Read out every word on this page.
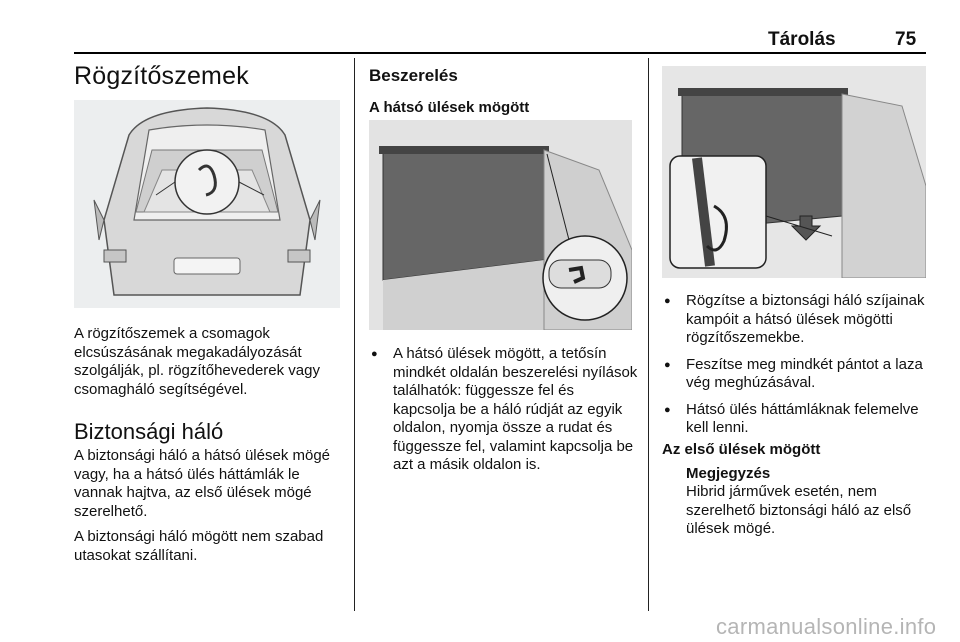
Tárolás	75
Rögzítőszemek
A rögzítőszemek a csomagok elcsúszásának megakadályozását szolgálják, pl. rögzítőhevederek vagy csomagháló segítségével.
Biztonsági háló
A biztonsági háló a hátsó ülések mögé vagy, ha a hátsó ülés háttámlák le vannak hajtva, az első ülések mögé szerelhető.
A biztonsági háló mögött nem szabad utasokat szállítani.
Beszerelés
A hátsó ülések mögött
● A hátsó ülések mögött, a tetősín mindkét oldalán beszerelési nyílások találhatók: függessze fel és kapcsolja be a háló rúdját az egyik oldalon, nyomja össze a rudat és függessze fel, valamint kapcsolja be azt a másik oldalon is.
● Rögzítse a biztonsági háló szíjainak kampóit a hátsó ülések mögötti rögzítőszemekbe.
● Feszítse meg mindkét pántot a laza vég meghúzásával.
● Hátsó ülés háttámláknak felemelve kell lenni.
Az első ülések mögött
Megjegyzés
Hibrid járművek esetén, nem szerelhető biztonsági háló az első ülések mögé.
carmanualsonline.info
